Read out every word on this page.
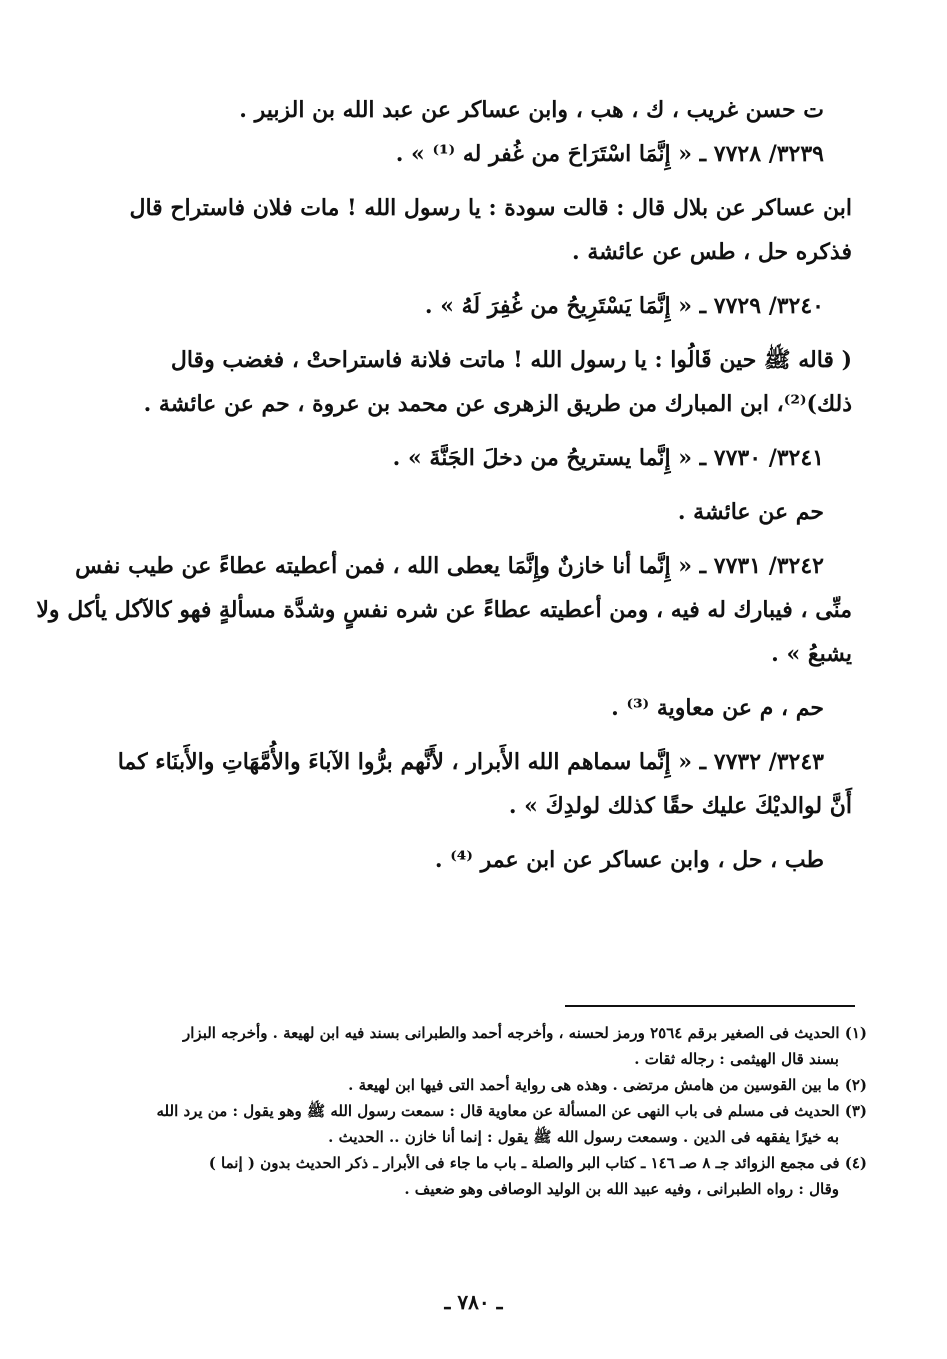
ت حسن غريب ، ك ، هب ، وابن عساكر عن عبد الله بن الزبير .

٣٢٣٩/ ٧٧٢٨ ـ « إِنَّمَا اسْتَرَاحَ من غُفر له ⁽¹⁾ » .

ابن عساكر عن بلال قال : قالت سودة : يا رسول الله ! مات فلان فاستراح قال

فذكره حل ، طس عن عائشة .

٣٢٤٠/ ٧٧٢٩ ـ « إِنَّمَا يَسْتَرِيحُ من غُفِرَ لَهُ » .

( قاله ﷺ حين قَالُوا : يا رسول الله ! ماتت فلانة فاستراحتْ ، فغضب وقال

ذلك)⁽²⁾، ابن المبارك من طريق الزهرى عن محمد بن عروة ، حم عن عائشة .

٣٢٤١/ ٧٧٣٠ ـ « إِنَّما يستريحُ من دخلَ الجَنَّةَ » .

حم عن عائشة .

٣٢٤٢/ ٧٧٣١ ـ « إِنَّما أنا خازنٌ وإِنَّمَا يعطى الله ، فمن أعطيته عطاءً عن طيب نفس

منِّى ، فيبارك له فيه ، ومن أعطيته عطاءً عن شره نفسٍ وشدَّة مسألةٍ فهو كالآكل يأكل ولا

يشبعُ » .

حم ، م عن معاوية ⁽³⁾ .

٣٢٤٣/ ٧٧٣٢ ـ « إِنَّما سماهم الله الأَبرار ، لأَنَّهم برُّوا الآباءَ والأُمَّهَاتِ والأَبنَاء كما

أَنَّ لوالديْكَ عليك حقًا كذلك لولدِكَ » .

طب ، حل ، وابن عساكر عن ابن عمر ⁽⁴⁾ .

(١) الحديث فى الصغير برقم ٢٥٦٤ ورمز لحسنه ، وأخرجه أحمد والطبرانى بسند فيه ابن لهيعة . وأخرجه البزار

بسند قال الهيثمى : رجاله ثقات .

(٢) ما بين القوسين من هامش مرتضى . وهذه هى رواية أحمد التى فيها ابن لهيعة .

(٣) الحديث فى مسلم فى باب النهى عن المسألة عن معاوية قال : سمعت رسول الله ﷺ وهو يقول : من يرد الله

به خيرًا يفقهه فى الدين . وسمعت رسول الله ﷺ يقول : إنما أنا خازن .. الحديث .

(٤) فى مجمع الزوائد جـ ٨ صـ ١٤٦ ـ كتاب البر والصلة ـ باب ما جاء فى الأبرار ـ ذكر الحديث بدون ( إنما )

وقال : رواه الطبرانى ، وفيه عبيد الله بن الوليد الوصافى وهو ضعيف .

ـ ٧٨٠ ـ
